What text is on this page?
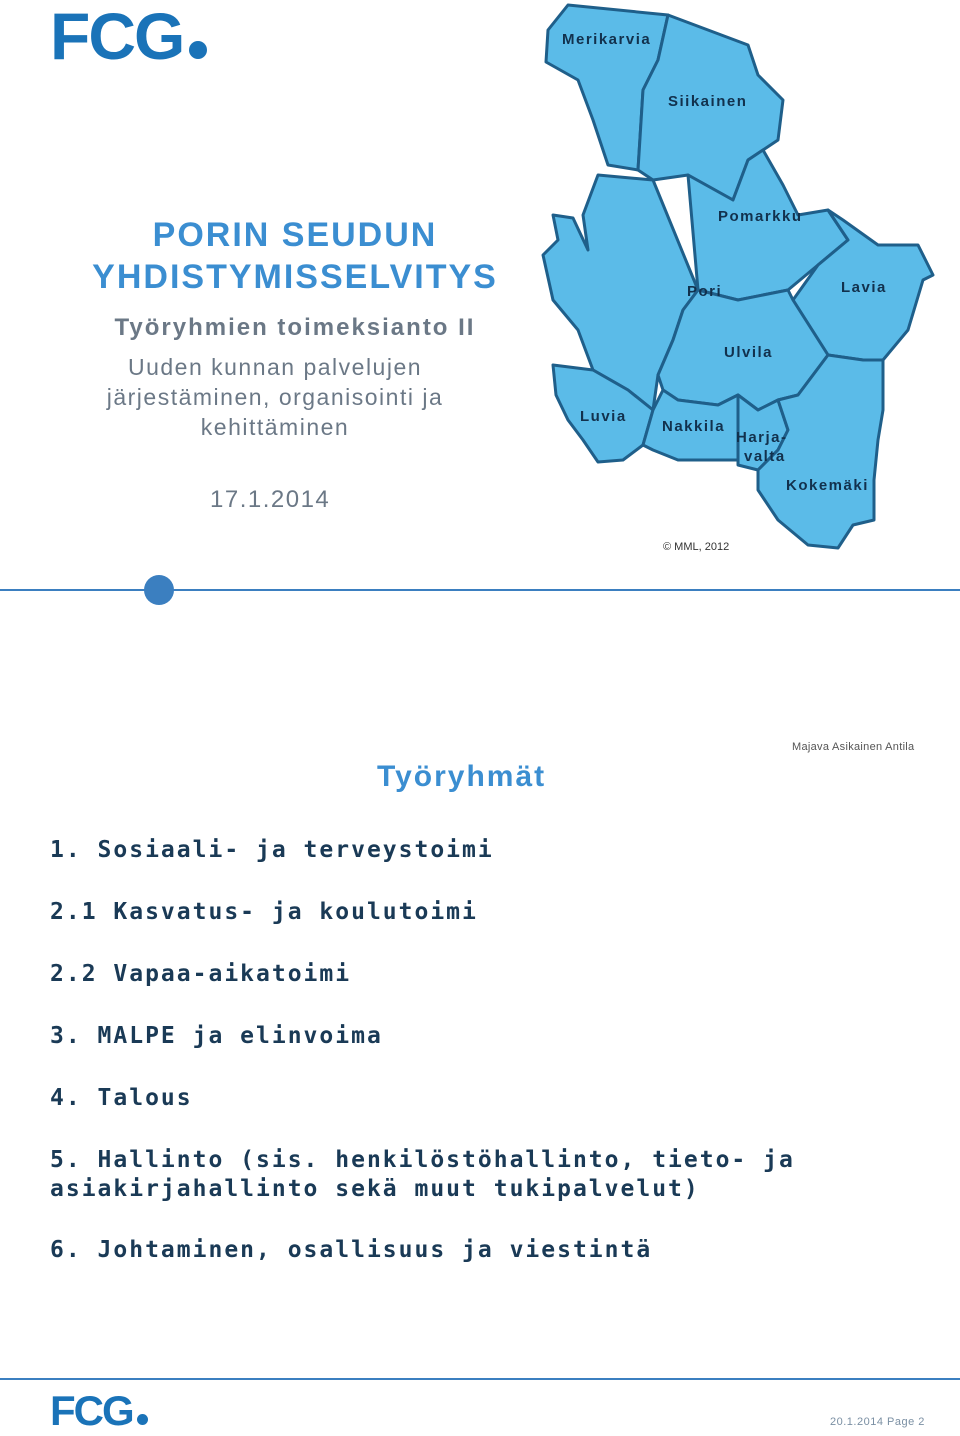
FCG
PORIN SEUDUN
YHDISTYMISSELVITYS
Työryhmien toimeksianto II
Uuden kunnan palvelujen järjestäminen, organisointi ja kehittäminen
17.1.2014
Merikarvia
Siikainen
Pomarkku
Pori	Lavia
Ulvila
Luvia
Nakkila
Harja-
valta
Kokemäki
© MML, 2012
Majava Asikainen Antila
Työryhmät
1. Sosiaali- ja terveystoimi
2.1 Kasvatus- ja koulutoimi
2.2 Vapaa-aikatoimi
3. MALPE ja elinvoima
4. Talous
5. Hallinto (sis. henkilöstöhallinto, tieto- ja asiakirjahallinto sekä muut tukipalvelut)
6. Johtaminen, osallisuus ja viestintä
FCG	20.1.2014 Page 2
